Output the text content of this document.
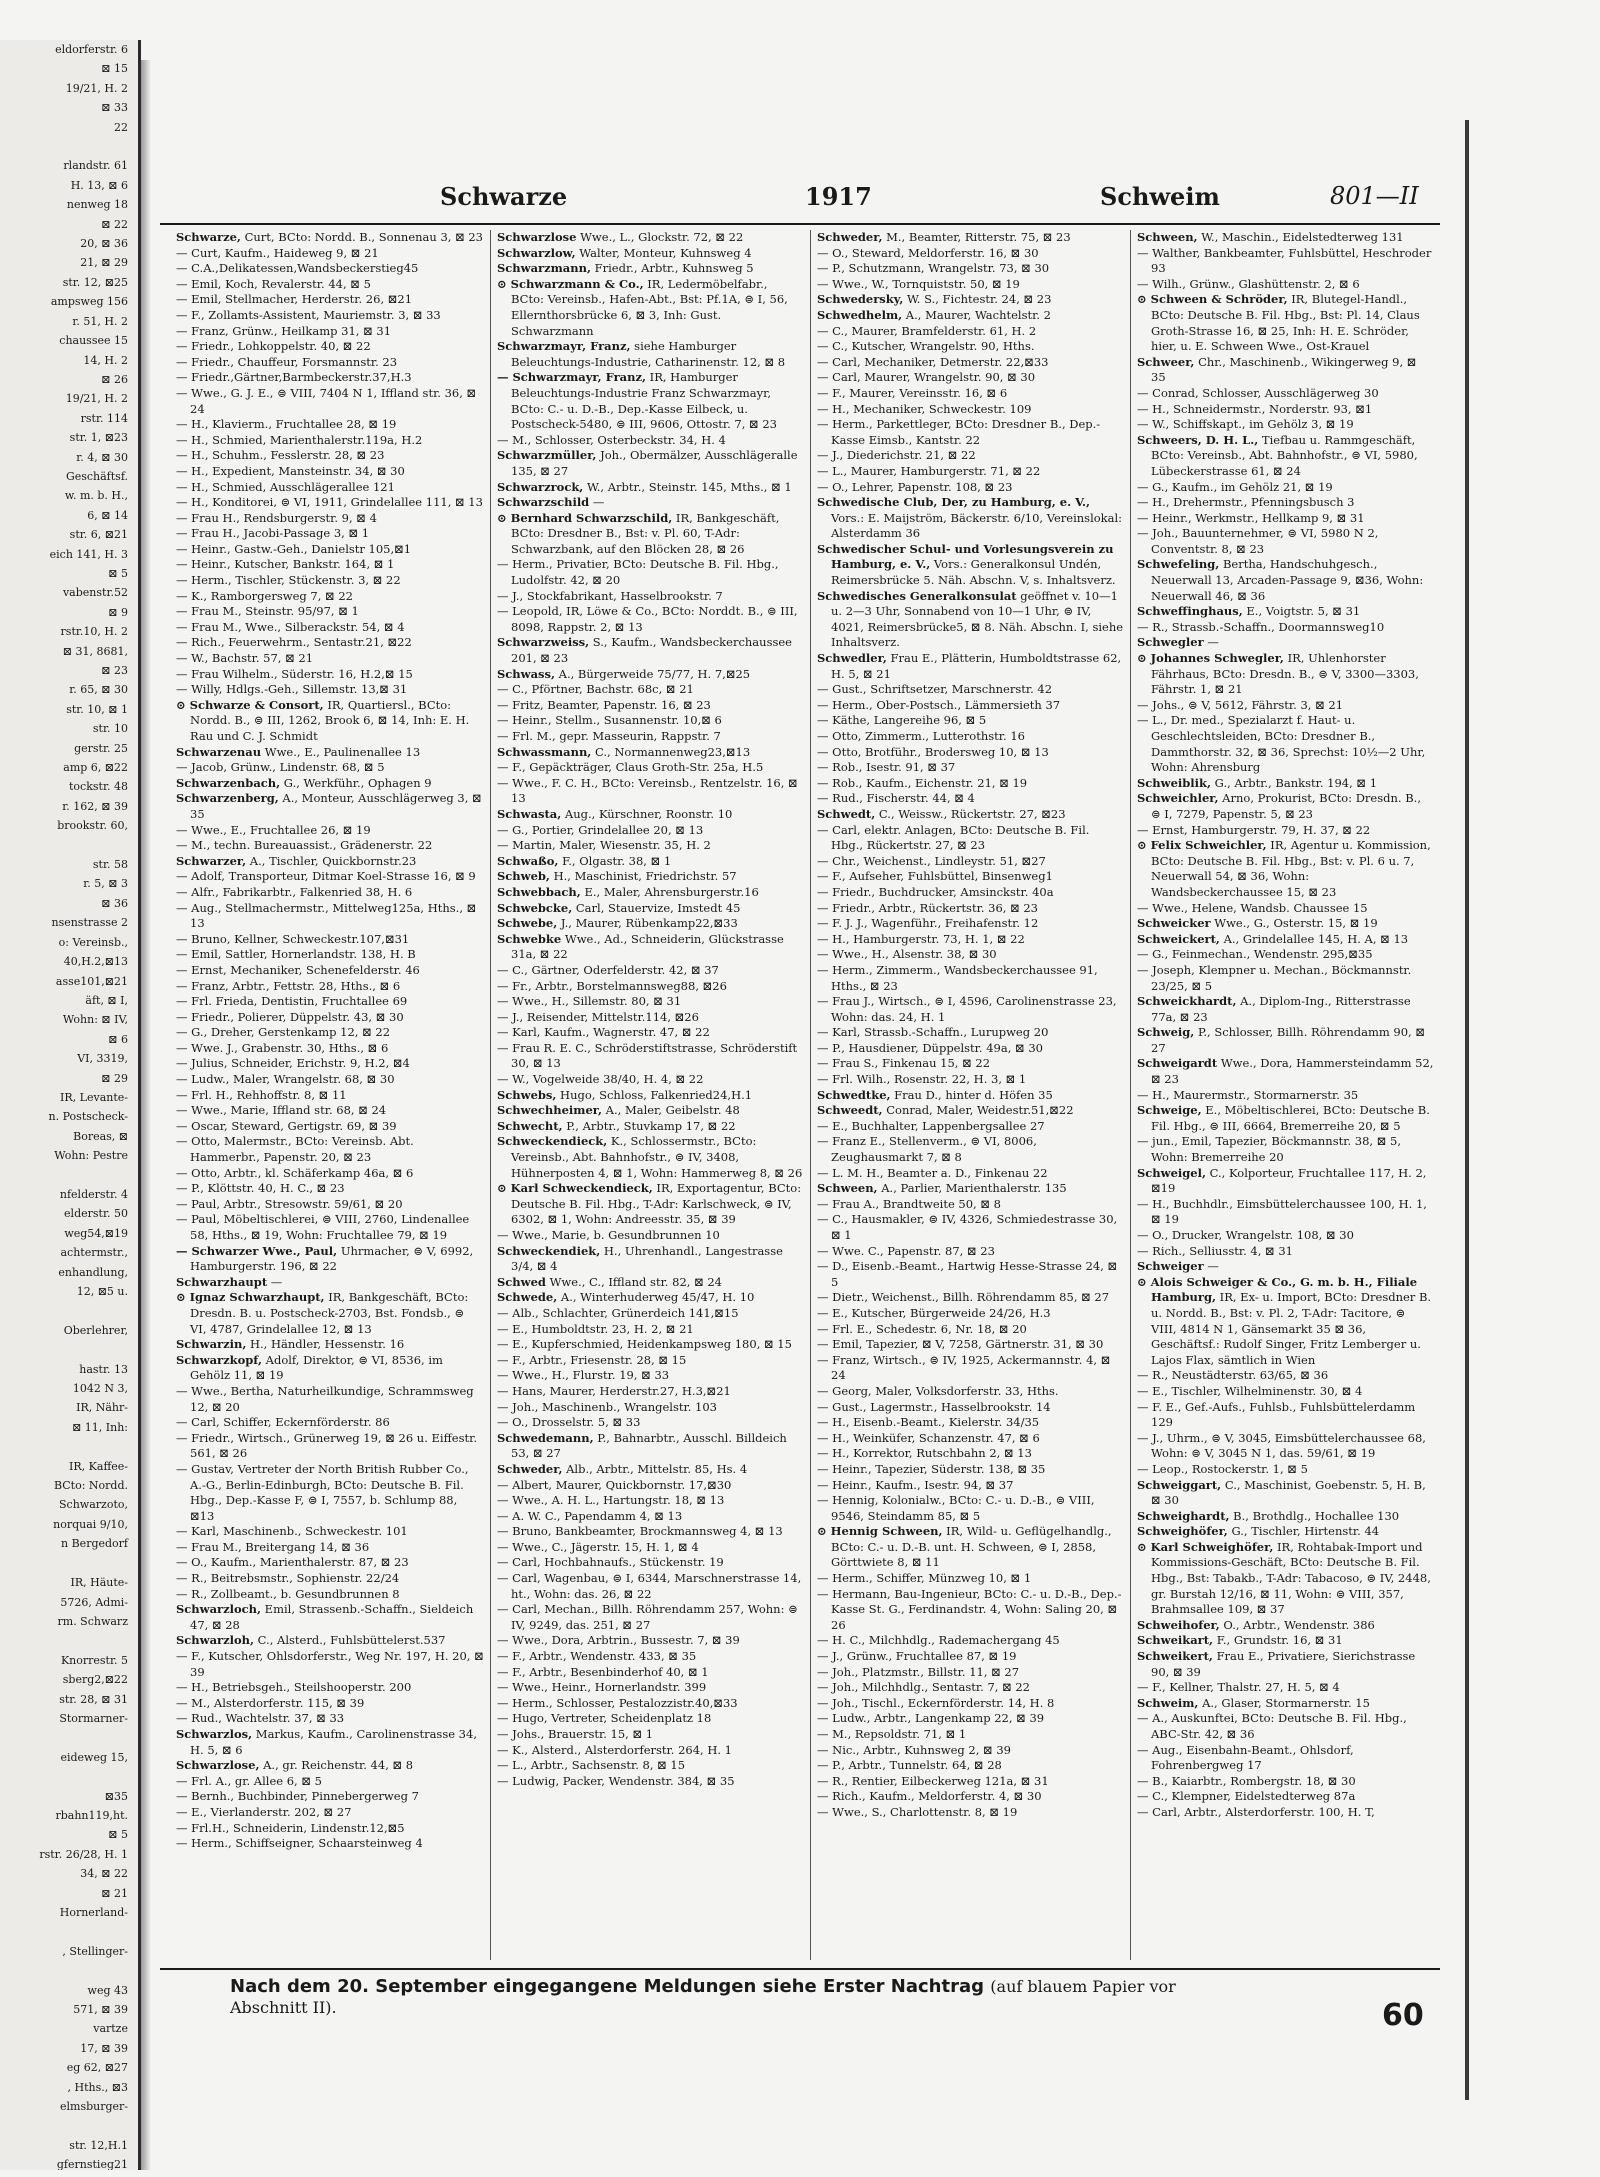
eldorferstr. 6
⊠ 15
19/21, H. 2
⊠ 33
22

rlandstr. 61
H. 13, ⊠ 6
nenweg 18
⊠ 22
20, ⊠ 36
21, ⊠ 29
str. 12, ⊠25
ampsweg 156
r. 51, H. 2
chaussee 15
14, H. 2
⊠ 26
19/21, H. 2
rstr. 114
str. 1, ⊠23
r. 4, ⊠ 30
Geschäftsf.
w. m. b. H.,
6, ⊠ 14
str. 6, ⊠21
eich 141, H. 3
⊠ 5
vabenstr.52
⊠ 9
rstr.10, H. 2
⊠ 31, 8681,
⊠ 23
r. 65, ⊠ 30
str. 10, ⊠ 1
str. 10
gerstr. 25
amp 6, ⊠22
tockstr. 48
r. 162, ⊠ 39
brookstr. 60,

str. 58
r. 5, ⊠ 3
⊠ 36
nsenstrasse 2
o: Vereinsb.,
40,H.2,⊠13
asse101,⊠21
äft, ⊠ I,
Wohn: ⊠ IV,
⊠ 6
VI, 3319,
⊠ 29
IR, Levante-
n. Postscheck-
Boreas, ⊠
Wohn: Pestre

nfelderstr. 4
elderstr. 50
weg54,⊠19
achtermstr.,
enhandlung,
12, ⊠5 u.

Oberlehrer,

hastr. 13
1042 N 3,
IR, Nähr-
⊠ 11, Inh:

IR, Kaffee-
BCto: Nordd.
Schwarzoto,
norquai 9/10,
n Bergedorf

IR, Häute-
5726, Admi-
rm. Schwarz

Knorrestr. 5
sberg2,⊠22
str. 28, ⊠ 31
Stormarner-

eideweg 15,

⊠35
rbahn119,ht.
⊠ 5
rstr. 26/28, H. 1
34, ⊠ 22
⊠ 21
Hornerland-

, Stellinger-

weg 43
571, ⊠ 39
vartze
17, ⊠ 39
eg 62, ⊠27
, Hths., ⊠3
elmsburger-

str. 12,H.1
gfernstieg21
Schwarze	1917	Schweim	801—II

Schwarze, Curt, BCto: Nordd. B., Sonnenau 3, ⊠ 23

— Curt, Kaufm., Haideweg 9, ⊠ 21

— C.A.,Delikatessen,Wandsbeckerstieg45

— Emil, Koch, Revalerstr. 44, ⊠ 5

— Emil, Stellmacher, Herderstr. 26, ⊠21

— F., Zollamts-Assistent, Mauriemstr. 3, ⊠ 33

— Franz, Grünw., Heilkamp 31, ⊠ 31

— Friedr., Lohkoppelstr. 40, ⊠ 22

— Friedr., Chauffeur, Forsmannstr. 23

— Friedr.,Gärtner,Barmbeckerstr.37,H.3

— Wwe., G. J. E., ⊜ VIII, 7404 N 1, Iffland str. 36, ⊠ 24

— H., Klavierm., Fruchtallee 28, ⊠ 19

— H., Schmied, Marienthalerstr.119a, H.2

— H., Schuhm., Fesslerstr. 28, ⊠ 23

— H., Expedient, Mansteinstr. 34, ⊠ 30

— H., Schmied, Ausschlägerallee 121

— H., Konditorei, ⊜ VI, 1911, Grindelallee 111, ⊠ 13

— Frau H., Rendsburgerstr. 9, ⊠ 4

— Frau H., Jacobi-Passage 3, ⊠ 1

— Heinr., Gastw.-Geh., Danielstr 105,⊠1

— Heinr., Kutscher, Bankstr. 164, ⊠ 1

— Herm., Tischler, Stückenstr. 3, ⊠ 22

— K., Ramborgersweg 7, ⊠ 22

— Frau M., Steinstr. 95/97, ⊠ 1

— Frau M., Wwe., Silberackstr. 54, ⊠ 4

— Rich., Feuerwehrm., Sentastr.21, ⊠22

— W., Bachstr. 57, ⊠ 21

— Frau Wilhelm., Süderstr. 16, H.2,⊠ 15

— Willy, Hdlgs.-Geh., Sillemstr. 13,⊠ 31

⊙ Schwarze & Consort, IR, Quartiersl., BCto: Nordd. B., ⊜ III, 1262, Brook 6, ⊠ 14, Inh: E. H. Rau und C. J. Schmidt

Schwarzenau Wwe., E., Paulinenallee 13

— Jacob, Grünw., Lindenstr. 68, ⊠ 5

Schwarzenbach, G., Werkführ., Ophagen 9

Schwarzenberg, A., Monteur, Ausschlägerweg 3, ⊠ 35

— Wwe., E., Fruchtallee 26, ⊠ 19

— M., techn. Bureauassist., Grädenerstr. 22

Schwarzer, A., Tischler, Quickbornstr.23

— Adolf, Transporteur, Ditmar Koel-Strasse 16, ⊠ 9

— Alfr., Fabrikarbtr., Falkenried 38, H. 6

— Aug., Stellmachermstr., Mittelweg125a, Hths., ⊠ 13

— Bruno, Kellner, Schweckestr.107,⊠31

— Emil, Sattler, Hornerlandstr. 138, H. B

— Ernst, Mechaniker, Schenefelderstr. 46

— Franz, Arbtr., Fettstr. 28, Hths., ⊠ 6

— Frl. Frieda, Dentistin, Fruchtallee 69

— Friedr., Polierer, Düppelstr. 43, ⊠ 30

— G., Dreher, Gerstenkamp 12, ⊠ 22

— Wwe. J., Grabenstr. 30, Hths., ⊠ 6

— Julius, Schneider, Erichstr. 9, H.2, ⊠4

— Ludw., Maler, Wrangelstr. 68, ⊠ 30

— Frl. H., Rehhoffstr. 8, ⊠ 11

— Wwe., Marie, Iffland str. 68, ⊠ 24

— Oscar, Steward, Gertigstr. 69, ⊠ 39

— Otto, Malermstr., BCto: Vereinsb. Abt. Hammerbr., Papenstr. 20, ⊠ 23

— Otto, Arbtr., kl. Schäferkamp 46a, ⊠ 6

— P., Klöttstr. 40, H. C., ⊠ 23

— Paul, Arbtr., Stresowstr. 59/61, ⊠ 20

— Paul, Möbeltischlerei, ⊜ VIII, 2760, Lindenallee 58, Hths., ⊠ 19, Wohn: Fruchtallee 79, ⊠ 19

— Schwarzer Wwe., Paul, Uhrmacher, ⊜ V, 6992, Hamburgerstr. 196, ⊠ 22

Schwarzhaupt —

⊙ Ignaz Schwarzhaupt, IR, Bankgeschäft, BCto: Dresdn. B. u. Postscheck-2703, Bst. Fondsb., ⊜ VI, 4787, Grindelallee 12, ⊠ 13

Schwarzin, H., Händler, Hessenstr. 16

Schwarzkopf, Adolf, Direktor, ⊜ VI, 8536, im Gehölz 11, ⊠ 19

— Wwe., Bertha, Naturheilkundige, Schrammsweg 12, ⊠ 20

— Carl, Schiffer, Eckernförderstr. 86

— Friedr., Wirtsch., Grünerweg 19, ⊠ 26 u. Eiffestr. 561, ⊠ 26

— Gustav, Vertreter der North British Rubber Co., A.-G., Berlin-Edinburgh, BCto: Deutsche B. Fil. Hbg., Dep.-Kasse F, ⊜ I, 7557, b. Schlump 88, ⊠13

— Karl, Maschinenb., Schweckestr. 101

— Frau M., Breitergang 14, ⊠ 36

— O., Kaufm., Marienthalerstr. 87, ⊠ 23

— R., Beitrebsmstr., Sophienstr. 22/24

— R., Zollbeamt., b. Gesundbrunnen 8

Schwarzloch, Emil, Strassenb.-Schaffn., Sieldeich 47, ⊠ 28

Schwarzloh, C., Alsterd., Fuhlsbüttelerst.537

— F., Kutscher, Ohlsdorferstr., Weg Nr. 197, H. 20, ⊠ 39

— H., Betriebsgeh., Steilshooperstr. 200

— M., Alsterdorferstr. 115, ⊠ 39

— Rud., Wachtelstr. 37, ⊠ 33

Schwarzlos, Markus, Kaufm., Carolinenstrasse 34, H. 5, ⊠ 6

Schwarzlose, A., gr. Reichenstr. 44, ⊠ 8

— Frl. A., gr. Allee 6, ⊠ 5

— Bernh., Buchbinder, Pinnebergerweg 7

— E., Vierlanderstr. 202, ⊠ 27

— Frl.H., Schneiderin, Lindenstr.12,⊠5

— Herm., Schiffseigner, Schaarsteinweg 4

Schwarzlose Wwe., L., Glockstr. 72, ⊠ 22

Schwarzlow, Walter, Monteur, Kuhnsweg 4

Schwarzmann, Friedr., Arbtr., Kuhnsweg 5

⊙ Schwarzmann & Co., IR, Ledermöbelfabr., BCto: Vereinsb., Hafen-Abt., Bst: Pf.1A, ⊜ I, 56, Ellernthorsbrücke 6, ⊠ 3, Inh: Gust. Schwarzmann

Schwarzmayr, Franz, siehe Hamburger Beleuchtungs-Industrie, Catharinenstr. 12, ⊠ 8

— Schwarzmayr, Franz, IR, Hamburger Beleuchtungs-Industrie Franz Schwarzmayr, BCto: C.- u. D.-B., Dep.-Kasse Eilbeck, u. Postscheck-5480, ⊜ III, 9606, Ottostr. 7, ⊠ 23

— M., Schlosser, Osterbeckstr. 34, H. 4

Schwarzmüller, Joh., Obermälzer, Ausschlägeralle 135, ⊠ 27

Schwarzrock, W., Arbtr., Steinstr. 145, Mths., ⊠ 1

Schwarzschild —

⊙ Bernhard Schwarzschild, IR, Bankgeschäft, BCto: Dresdner B., Bst: v. Pl. 60, T-Adr: Schwarzbank, auf den Blöcken 28, ⊠ 26

— Herm., Privatier, BCto: Deutsche B. Fil. Hbg., Ludolfstr. 42, ⊠ 20

— J., Stockfabrikant, Hasselbrookstr. 7

— Leopold, IR, Löwe & Co., BCto: Norddt. B., ⊜ III, 8098, Rappstr. 2, ⊠ 13

Schwarzweiss, S., Kaufm., Wandsbeckerchaussee 201, ⊠ 23

Schwass, A., Bürgerweide 75/77, H. 7,⊠25

— C., Pförtner, Bachstr. 68c, ⊠ 21

— Fritz, Beamter, Papenstr. 16, ⊠ 23

— Heinr., Stellm., Susannenstr. 10,⊠ 6

— Frl. M., gepr. Masseurin, Rappstr. 7

Schwassmann, C., Normannenweg23,⊠13

— F., Gepäckträger, Claus Groth-Str. 25a, H.5

— Wwe., F. C. H., BCto: Vereinsb., Rentzelstr. 16, ⊠ 13

Schwasta, Aug., Kürschner, Roonstr. 10

— G., Portier, Grindelallee 20, ⊠ 13

— Martin, Maler, Wiesenstr. 35, H. 2

Schwaßo, F., Olgastr. 38, ⊠ 1

Schweb, H., Maschinist, Friedrichstr. 57

Schwebbach, E., Maler, Ahrensburgerstr.16

Schwebcke, Carl, Stauervize, Imstedt 45

Schwebe, J., Maurer, Rübenkamp22,⊠33

Schwebke Wwe., Ad., Schneiderin, Glückstrasse 31a, ⊠ 22

— C., Gärtner, Oderfelderstr. 42, ⊠ 37

— Fr., Arbtr., Borstelmannsweg88, ⊠26

— Wwe., H., Sillemstr. 80, ⊠ 31

— J., Reisender, Mittelstr.114, ⊠26

— Karl, Kaufm., Wagnerstr. 47, ⊠ 22

— Frau R. E. C., Schröderstiftstrasse, Schröderstift 30, ⊠ 13

— W., Vogelweide 38/40, H. 4, ⊠ 22

Schwebs, Hugo, Schloss, Falkenried24,H.1

Schwechheimer, A., Maler, Geibelstr. 48

Schwecht, P., Arbtr., Stuvkamp 17, ⊠ 22

Schweckendieck, K., Schlossermstr., BCto: Vereinsb., Abt. Bahnhofstr., ⊜ IV, 3408, Hühnerposten 4, ⊠ 1, Wohn: Hammerweg 8, ⊠ 26

⊙ Karl Schweckendieck, IR, Exportagentur, BCto: Deutsche B. Fil. Hbg., T-Adr: Karlschweck, ⊜ IV, 6302, ⊠ 1, Wohn: Andreesstr. 35, ⊠ 39

— Wwe., Marie, b. Gesundbrunnen 10

Schweckendiek, H., Uhrenhandl., Langestrasse 3/4, ⊠ 4

Schwed Wwe., C., Iffland str. 82, ⊠ 24

Schwede, A., Winterhuderweg 45/47, H. 10

— Alb., Schlachter, Grünerdeich 141,⊠15

— E., Humboldtstr. 23, H. 2, ⊠ 21

— E., Kupferschmied, Heidenkampsweg 180, ⊠ 15

— F., Arbtr., Friesenstr. 28, ⊠ 15

— Wwe., H., Flurstr. 19, ⊠ 33

— Hans, Maurer, Herderstr.27, H.3,⊠21

— Joh., Maschinenb., Wrangelstr. 103

— O., Drosselstr. 5, ⊠ 33

Schwedemann, P., Bahnarbtr., Ausschl. Billdeich 53, ⊠ 27

Schweder, Alb., Arbtr., Mittelstr. 85, Hs. 4

— Albert, Maurer, Quickbornstr. 17,⊠30

— Wwe., A. H. L., Hartungstr. 18, ⊠ 13

— A. W. C., Papendamm 4, ⊠ 13

— Bruno, Bankbeamter, Brockmannsweg 4, ⊠ 13

— Wwe., C., Jägerstr. 15, H. 1, ⊠ 4

— Carl, Hochbahnaufs., Stückenstr. 19

— Carl, Wagenbau, ⊜ I, 6344, Marschnerstrasse 14, ht., Wohn: das. 26, ⊠ 22

— Carl, Mechan., Billh. Röhrendamm 257, Wohn: ⊜ IV, 9249, das. 251, ⊠ 27

— Wwe., Dora, Arbtrin., Bussestr. 7, ⊠ 39

— F., Arbtr., Wendenstr. 433, ⊠ 35

— F., Arbtr., Besenbinderhof 40, ⊠ 1

— Wwe., Heinr., Hornerlandstr. 399

— Herm., Schlosser, Pestalozzistr.40,⊠33

— Hugo, Vertreter, Scheidenplatz 18

— Johs., Brauerstr. 15, ⊠ 1

— K., Alsterd., Alsterdorferstr. 264, H. 1

— L., Arbtr., Sachsenstr. 8, ⊠ 15

— Ludwig, Packer, Wendenstr. 384, ⊠ 35

Schweder, M., Beamter, Ritterstr. 75, ⊠ 23

— O., Steward, Meldorferstr. 16, ⊠ 30

— P., Schutzmann, Wrangelstr. 73, ⊠ 30

— Wwe., W., Tornquiststr. 50, ⊠ 19

Schwedersky, W. S., Fichtestr. 24, ⊠ 23

Schwedhelm, A., Maurer, Wachtelstr. 2

— C., Maurer, Bramfelderstr. 61, H. 2

— C., Kutscher, Wrangelstr. 90, Hths.

— Carl, Mechaniker, Detmerstr. 22,⊠33

— Carl, Maurer, Wrangelstr. 90, ⊠ 30

— F., Maurer, Vereinsstr. 16, ⊠ 6

— H., Mechaniker, Schweckestr. 109

— Herm., Parkettleger, BCto: Dresdner B., Dep.-Kasse Eimsb., Kantstr. 22

— J., Diederichstr. 21, ⊠ 22

— L., Maurer, Hamburgerstr. 71, ⊠ 22

— O., Lehrer, Papenstr. 108, ⊠ 23

Schwedische Club, Der, zu Hamburg, e. V., Vors.: E. Maijström, Bäckerstr. 6/10, Vereinslokal: Alsterdamm 36

Schwedischer Schul- und Vorlesungsverein zu Hamburg, e. V., Vors.: Generalkonsul Undén, Reimersbrücke 5. Näh. Abschn. V, s. Inhaltsverz.

Schwedisches Generalkonsulat geöffnet v. 10—1 u. 2—3 Uhr, Sonnabend von 10—1 Uhr, ⊜ IV, 4021, Reimersbrücke5, ⊠ 8. Näh. Abschn. I, siehe Inhaltsverz.

Schwedler, Frau E., Plätterin, Humboldtstrasse 62, H. 5, ⊠ 21

— Gust., Schriftsetzer, Marschnerstr. 42

— Herm., Ober-Postsch., Lämmersieth 37

— Käthe, Langereihe 96, ⊠ 5

— Otto, Zimmerm., Lutterothstr. 16

— Otto, Brotführ., Brodersweg 10, ⊠ 13

— Rob., Isestr. 91, ⊠ 37

— Rob., Kaufm., Eichenstr. 21, ⊠ 19

— Rud., Fischerstr. 44, ⊠ 4

Schwedt, C., Weissw., Rückertstr. 27, ⊠23

— Carl, elektr. Anlagen, BCto: Deutsche B. Fil. Hbg., Rückertstr. 27, ⊠ 23

— Chr., Weichenst., Lindleystr. 51, ⊠27

— F., Aufseher, Fuhlsbüttel, Binsenweg1

— Friedr., Buchdrucker, Amsinckstr. 40a

— Friedr., Arbtr., Rückertstr. 36, ⊠ 23

— F. J. J., Wagenführ., Freihafenstr. 12

— H., Hamburgerstr. 73, H. 1, ⊠ 22

— Wwe., H., Alsenstr. 38, ⊠ 30

— Herm., Zimmerm., Wandsbeckerchaussee 91, Hths., ⊠ 23

— Frau J., Wirtsch., ⊜ I, 4596, Carolinenstrasse 23, Wohn: das. 24, H. 1

— Karl, Strassb.-Schaffn., Lurupweg 20

— P., Hausdiener, Düppelstr. 49a, ⊠ 30

— Frau S., Finkenau 15, ⊠ 22

— Frl. Wilh., Rosenstr. 22, H. 3, ⊠ 1

Schwedtke, Frau D., hinter d. Höfen 35

Schweedt, Conrad, Maler, Weidestr.51,⊠22

— E., Buchhalter, Lappenbergsallee 27

— Franz E., Stellenverm., ⊜ VI, 8006, Zeughausmarkt 7, ⊠ 8

— L. M. H., Beamter a. D., Finkenau 22

Schween, A., Parlier, Marienthalerstr. 135

— Frau A., Brandtweite 50, ⊠ 8

— C., Hausmakler, ⊜ IV, 4326, Schmiedestrasse 30, ⊠ 1

— Wwe. C., Papenstr. 87, ⊠ 23

— D., Eisenb.-Beamt., Hartwig Hesse-Strasse 24, ⊠ 5

— Dietr., Weichenst., Billh. Röhrendamm 85, ⊠ 27

— E., Kutscher, Bürgerweide 24/26, H.3

— Frl. E., Schedestr. 6, Nr. 18, ⊠ 20

— Emil, Tapezier, ⊠ V, 7258, Gärtnerstr. 31, ⊠ 30

— Franz, Wirtsch., ⊜ IV, 1925, Ackermannstr. 4, ⊠ 24

— Georg, Maler, Volksdorferstr. 33, Hths.

— Gust., Lagermstr., Hasselbrookstr. 14

— H., Eisenb.-Beamt., Kielerstr. 34/35

— H., Weinküfer, Schanzenstr. 47, ⊠ 6

— H., Korrektor, Rutschbahn 2, ⊠ 13

— Heinr., Tapezier, Süderstr. 138, ⊠ 35

— Heinr., Kaufm., Isestr. 94, ⊠ 37

— Hennig, Kolonialw., BCto: C.- u. D.-B., ⊜ VIII, 9546, Steindamm 85, ⊠ 5

⊙ Hennig Schween, IR, Wild- u. Geflügelhandlg., BCto: C.- u. D.-B. unt. H. Schween, ⊜ I, 2858, Görttwiete 8, ⊠ 11

— Herm., Schiffer, Münzweg 10, ⊠ 1

— Hermann, Bau-Ingenieur, BCto: C.- u. D.-B., Dep.-Kasse St. G., Ferdinandstr. 4, Wohn: Saling 20, ⊠ 26

— H. C., Milchhdlg., Rademachergang 45

— J., Grünw., Fruchtallee 87, ⊠ 19

— Joh., Platzmstr., Billstr. 11, ⊠ 27

— Joh., Milchhdlg., Sentastr. 7, ⊠ 22

— Joh., Tischl., Eckernförderstr. 14, H. 8

— Ludw., Arbtr., Langenkamp 22, ⊠ 39

— M., Repsoldstr. 71, ⊠ 1

— Nic., Arbtr., Kuhnsweg 2, ⊠ 39

— P., Arbtr., Tunnelstr. 64, ⊠ 28

— R., Rentier, Eilbeckerweg 121a, ⊠ 31

— Rich., Kaufm., Meldorferstr. 4, ⊠ 30

— Wwe., S., Charlottenstr. 8, ⊠ 19

Schween, W., Maschin., Eidelstedterweg 131

— Walther, Bankbeamter, Fuhlsbüttel, Heschroder 93

— Wilh., Grünw., Glashüttenstr. 2, ⊠ 6

⊙ Schween & Schröder, IR, Blutegel-Handl., BCto: Deutsche B. Fil. Hbg., Bst: Pl. 14, Claus Groth-Strasse 16, ⊠ 25, Inh: H. E. Schröder, hier, u. E. Schween Wwe., Ost-Krauel

Schweer, Chr., Maschinenb., Wikingerweg 9, ⊠ 35

— Conrad, Schlosser, Ausschlägerweg 30

— H., Schneidermstr., Norderstr. 93, ⊠1

— W., Schiffskapt., im Gehölz 3, ⊠ 19

Schweers, D. H. L., Tiefbau u. Rammgeschäft, BCto: Vereinsb., Abt. Bahnhofstr., ⊜ VI, 5980, Lübeckerstrasse 61, ⊠ 24

— G., Kaufm., im Gehölz 21, ⊠ 19

— H., Drehermstr., Pfenningsbusch 3

— Heinr., Werkmstr., Hellkamp 9, ⊠ 31

— Joh., Bauunternehmer, ⊜ VI, 5980 N 2, Conventstr. 8, ⊠ 23

Schwefeling, Bertha, Handschuhgesch., Neuerwall 13, Arcaden-Passage 9, ⊠36, Wohn: Neuerwall 46, ⊠ 36

Schweffinghaus, E., Voigtstr. 5, ⊠ 31

— R., Strassb.-Schaffn., Doormannsweg10

Schwegler —

⊙ Johannes Schwegler, IR, Uhlenhorster Fährhaus, BCto: Dresdn. B., ⊜ V, 3300—3303, Fährstr. 1, ⊠ 21

— Johs., ⊜ V, 5612, Fährstr. 3, ⊠ 21

— L., Dr. med., Spezialarzt f. Haut- u. Geschlechtsleiden, BCto: Dresdner B., Dammthorstr. 32, ⊠ 36, Sprechst: 10½—2 Uhr, Wohn: Ahrensburg

Schweiblik, G., Arbtr., Bankstr. 194, ⊠ 1

Schweichler, Arno, Prokurist, BCto: Dresdn. B., ⊜ I, 7279, Papenstr. 5, ⊠ 23

— Ernst, Hamburgerstr. 79, H. 37, ⊠ 22

⊙ Felix Schweichler, IR, Agentur u. Kommission, BCto: Deutsche B. Fil. Hbg., Bst: v. Pl. 6 u. 7, Neuerwall 54, ⊠ 36, Wohn: Wandsbeckerchaussee 15, ⊠ 23

— Wwe., Helene, Wandsb. Chaussee 15

Schweicker Wwe., G., Osterstr. 15, ⊠ 19

Schweickert, A., Grindelallee 145, H. A, ⊠ 13

— G., Feinmechan., Wendenstr. 295,⊠35

— Joseph, Klempner u. Mechan., Böckmannstr. 23/25, ⊠ 5

Schweickhardt, A., Diplom-Ing., Ritterstrasse 77a, ⊠ 23

Schweig, P., Schlosser, Billh. Röhrendamm 90, ⊠ 27

Schweigardt Wwe., Dora, Hammersteindamm 52, ⊠ 23

— H., Maurermstr., Stormarnerstr. 35

Schweige, E., Möbeltischlerei, BCto: Deutsche B. Fil. Hbg., ⊜ III, 6664, Bremerreihe 20, ⊠ 5

— jun., Emil, Tapezier, Böckmannstr. 38, ⊠ 5, Wohn: Bremerreihe 20

Schweigel, C., Kolporteur, Fruchtallee 117, H. 2, ⊠19

— H., Buchhdlr., Eimsbüttelerchaussee 100, H. 1, ⊠ 19

— O., Drucker, Wrangelstr. 108, ⊠ 30

— Rich., Selliusstr. 4, ⊠ 31

Schweiger —

⊙ Alois Schweiger & Co., G. m. b. H., Filiale Hamburg, IR, Ex- u. Import, BCto: Dresdner B. u. Nordd. B., Bst: v. Pl. 2, T-Adr: Tacitore, ⊜ VIII, 4814 N 1, Gänsemarkt 35 ⊠ 36, Geschäftsf.: Rudolf Singer, Fritz Lemberger u. Lajos Flax, sämtlich in Wien

— R., Neustädterstr. 63/65, ⊠ 36

— E., Tischler, Wilhelminenstr. 30, ⊠ 4

— F. E., Gef.-Aufs., Fuhlsb., Fuhlsbüttelerdamm 129

— J., Uhrm., ⊜ V, 3045, Eimsbüttelerchaussee 68, Wohn: ⊜ V, 3045 N 1, das. 59/61, ⊠ 19

— Leop., Rostockerstr. 1, ⊠ 5

Schweiggart, C., Maschinist, Goebenstr. 5, H. B, ⊠ 30

Schweighardt, B., Brothdlg., Hochallee 130

Schweighöfer, G., Tischler, Hirtenstr. 44

⊙ Karl Schweighöfer, IR, Rohtabak-Import und Kommissions-Geschäft, BCto: Deutsche B. Fil. Hbg., Bst: Tabakb., T-Adr: Tabacoso, ⊜ IV, 2448, gr. Burstah 12/16, ⊠ 11, Wohn: ⊜ VIII, 357, Brahmsallee 109, ⊠ 37

Schweihofer, O., Arbtr., Wendenstr. 386

Schweikart, F., Grundstr. 16, ⊠ 31

Schweikert, Frau E., Privatiere, Sierichstrasse 90, ⊠ 39

— F., Kellner, Thalstr. 27, H. 5, ⊠ 4

Schweim, A., Glaser, Stormarnerstr. 15

— A., Auskunftei, BCto: Deutsche B. Fil. Hbg., ABC-Str. 42, ⊠ 36

— Aug., Eisenbahn-Beamt., Ohlsdorf, Fohrenbergweg 17

— B., Kaiarbtr., Rombergstr. 18, ⊠ 30

— C., Klempner, Eidelstedterweg 87a

— Carl, Arbtr., Alsterdorferstr. 100, H. T,

Nach dem 20. September eingegangene Meldungen siehe Erster Nachtrag (auf blauem Papier vor Abschnitt II).	60
